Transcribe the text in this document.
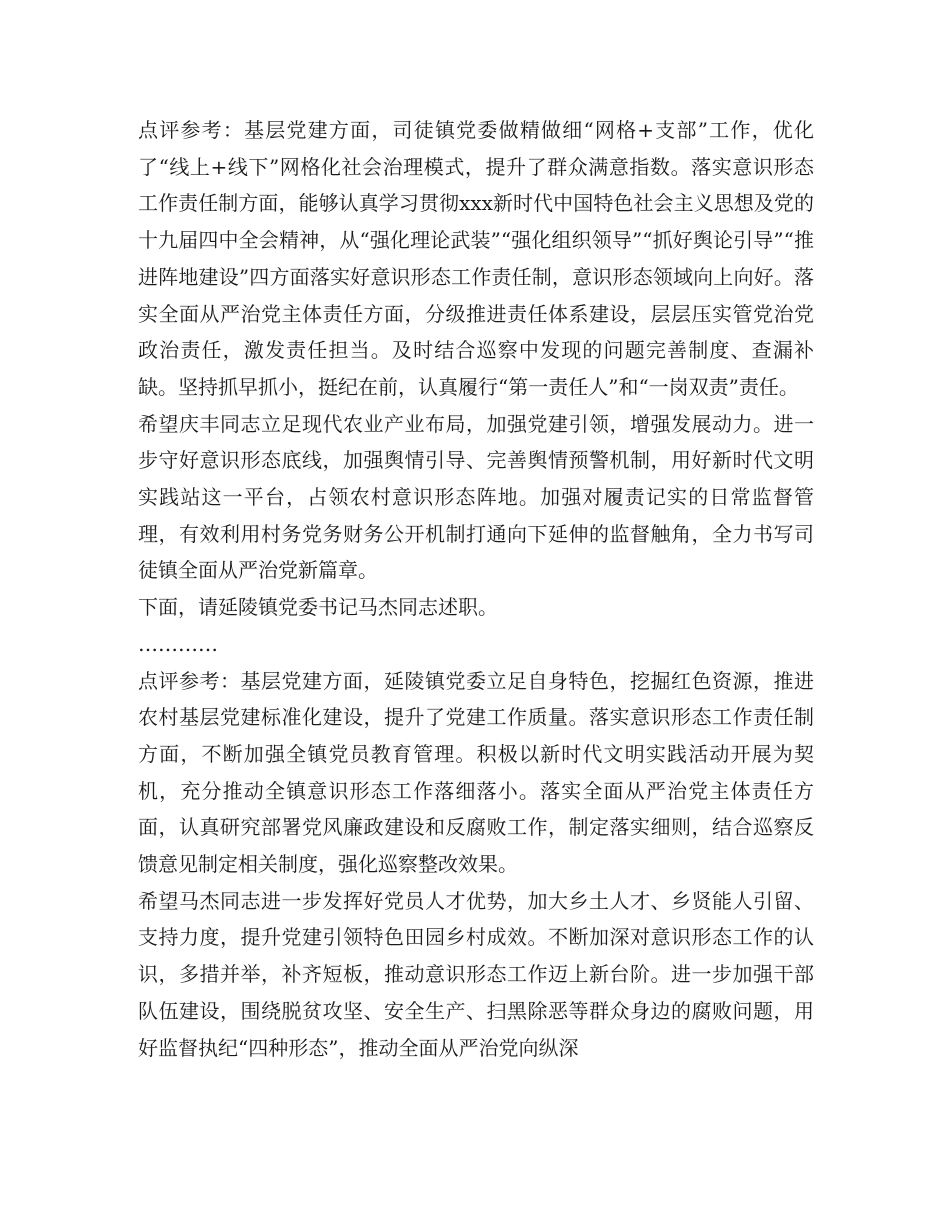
点评参考：基层党建方面，司徒镇党委做精做细“网格+支部”工作，优化了“线上+线下”网格化社会治理模式，提升了群众满意指数。落实意识形态工作责任制方面，能够认真学习贯彻xxx新时代中国特色社会主义思想及党的十九届四中全会精神，从“强化理论武装”“强化组织领导”“抓好舆论引导”“推进阵地建设”四方面落实好意识形态工作责任制，意识形态领域向上向好。落实全面从严治党主体责任方面，分级推进责任体系建设，层层压实管党治党政治责任，激发责任担当。及时结合巡察中发现的问题完善制度、查漏补缺。坚持抓早抓小，挺纪在前，认真履行“第一责任人”和“一岗双责”责任。

希望庆丰同志立足现代农业产业布局，加强党建引领，增强发展动力。进一步守好意识形态底线，加强舆情引导、完善舆情预警机制，用好新时代文明实践站这一平台，占领农村意识形态阵地。加强对履责记实的日常监督管理，有效利用村务党务财务公开机制打通向下延伸的监督触角，全力书写司徒镇全面从严治党新篇章。

下面，请延陵镇党委书记马杰同志述职。

…………

点评参考：基层党建方面，延陵镇党委立足自身特色，挖掘红色资源，推进农村基层党建标准化建设，提升了党建工作质量。落实意识形态工作责任制方面，不断加强全镇党员教育管理。积极以新时代文明实践活动开展为契机，充分推动全镇意识形态工作落细落小。落实全面从严治党主体责任方面，认真研究部署党风廉政建设和反腐败工作，制定落实细则，结合巡察反馈意见制定相关制度，强化巡察整改效果。

希望马杰同志进一步发挥好党员人才优势，加大乡土人才、乡贤能人引留、支持力度，提升党建引领特色田园乡村成效。不断加深对意识形态工作的认识，多措并举，补齐短板，推动意识形态工作迈上新台阶。进一步加强干部队伍建设，围绕脱贫攻坚、安全生产、扫黑除恶等群众身边的腐败问题，用好监督执纪“四种形态”，推动全面从严治党向纵深
